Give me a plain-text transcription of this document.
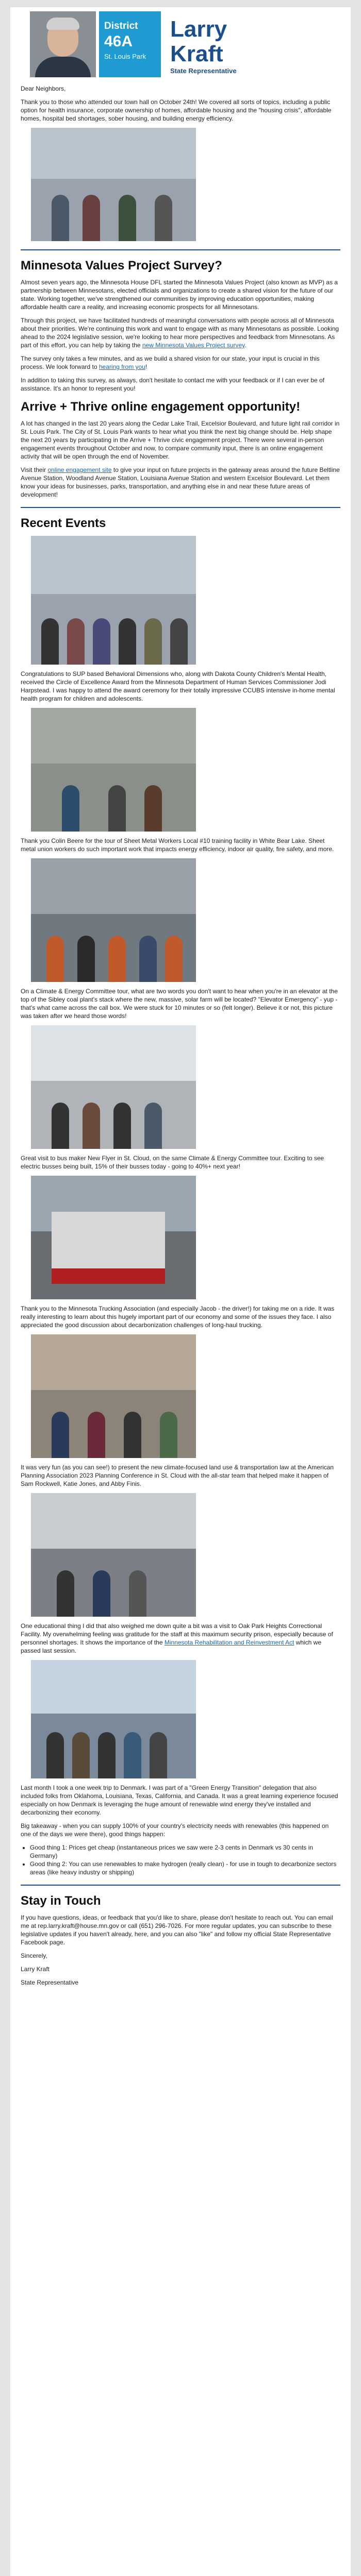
District
46A
St. Louis Park
Larry
Kraft
State Representative

Dear Neighbors,

Thank you to those who attended our town hall on October 24th! We covered all sorts of topics, including a public option for health insurance, corporate ownership of homes, affordable housing and the "housing crisis", affordable homes, hospital bed shortages, sober housing, and building energy efficiency.

Minnesota Values Project Survey?

Almost seven years ago, the Minnesota House DFL started the Minnesota Values Project (also known as MVP) as a partnership between Minnesotans, elected officials and organizations to create a shared vision for the future of our state. Working together, we've strengthened our communities by improving education opportunities, making affordable health care a reality, and increasing economic prospects for all Minnesotans.

Through this project, we have facilitated hundreds of meaningful conversations with people across all of Minnesota about their priorities. We're continuing this work and want to engage with as many Minnesotans as possible. Looking ahead to the 2024 legislative session, we're looking to hear more perspectives and feedback from Minnesotans. As part of this effort, you can help by taking the new Minnesota Values Project survey.

The survey only takes a few minutes, and as we build a shared vision for our state, your input is crucial in this process. We look forward to hearing from you!

In addition to taking this survey, as always, don't hesitate to contact me with your feedback or if I can ever be of assistance. It's an honor to represent you!

Arrive + Thrive online engagement opportunity!

A lot has changed in the last 20 years along the Cedar Lake Trail, Excelsior Boulevard, and future light rail corridor in St. Louis Park. The City of St. Louis Park wants to hear what you think the next big change should be. Help shape the next 20 years by participating in the Arrive + Thrive civic engagement project. There were several in-person engagement events throughout October and now, to compare community input, there is an online engagement activity that will be open through the end of November.

Visit their online engagement site to give your input on future projects in the gateway areas around the future Beltline Avenue Station, Woodland Avenue Station, Louisiana Avenue Station and western Excelsior Boulevard. Let them know your ideas for businesses, parks, transportation, and anything else in and near these future areas of development!

Recent Events

Congratulations to SUP based Behavioral Dimensions who, along with Dakota County Children's Mental Health, received the Circle of Excellence Award from the Minnesota Department of Human Services Commissioner Jodi Harpstead. I was happy to attend the award ceremony for their totally impressive CCUBS intensive in-home mental health program for children and adolescents.

Thank you Colin Beere for the tour of Sheet Metal Workers Local #10 training facility in White Bear Lake. Sheet metal union workers do such important work that impacts energy efficiency, indoor air quality, fire safety, and more.

On a Climate & Energy Committee tour, what are two words you don't want to hear when you're in an elevator at the top of the Sibley coal plant's stack where the new, massive, solar farm will be located? "Elevator Emergency" - yup - that's what came across the call box. We were stuck for 10 minutes or so (felt longer). Believe it or not, this picture was taken after we heard those words!

Great visit to bus maker New Flyer in St. Cloud, on the same Climate & Energy Committee tour. Exciting to see electric busses being built, 15% of their busses today - going to 40%+ next year!

Thank you to the Minnesota Trucking Association (and especially Jacob - the driver!) for taking me on a ride. It was really interesting to learn about this hugely important part of our economy and some of the issues they face. I also appreciated the good discussion about decarbonization challenges of long-haul trucking.

It was very fun (as you can see!) to present the new climate-focused land use & transportation law at the American Planning Association 2023 Planning Conference in St. Cloud with the all-star team that helped make it happen of Sam Rockwell, Katie Jones, and Abby Finis.

One educational thing I did that also weighed me down quite a bit was a visit to Oak Park Heights Correctional Facility. My overwhelming feeling was gratitude for the staff at this maximum security prison, especially because of personnel shortages. It shows the importance of the Minnesota Rehabilitation and Reinvestment Act which we passed last session.

Last month I took a one week trip to Denmark. I was part of a "Green Energy Transition" delegation that also included folks from Oklahoma, Louisiana, Texas, California, and Canada. It was a great learning experience focused especially on how Denmark is leveraging the huge amount of renewable wind energy they've installed and decarbonizing their economy.

Big takeaway - when you can supply 100% of your country's electricity needs with renewables (this happened on one of the days we were there), good things happen:

• Good thing 1: Prices get cheap (instantaneous prices we saw were 2-3 cents in Denmark vs 30 cents in Germany)
• Good thing 2: You can use renewables to make hydrogen (really clean) - for use in tough to decarbonize sectors areas (like heavy industry or shipping)
Stay in Touch

If you have questions, ideas, or feedback that you'd like to share, please don't hesitate to reach out. You can email me at rep.larry.kraft@house.mn.gov or call (651) 296-7026. For more regular updates, you can subscribe to these legislative updates if you haven't already, here, and you can also "like" and follow my official State Representative Facebook page.

Sincerely,

Larry Kraft

State Representative
